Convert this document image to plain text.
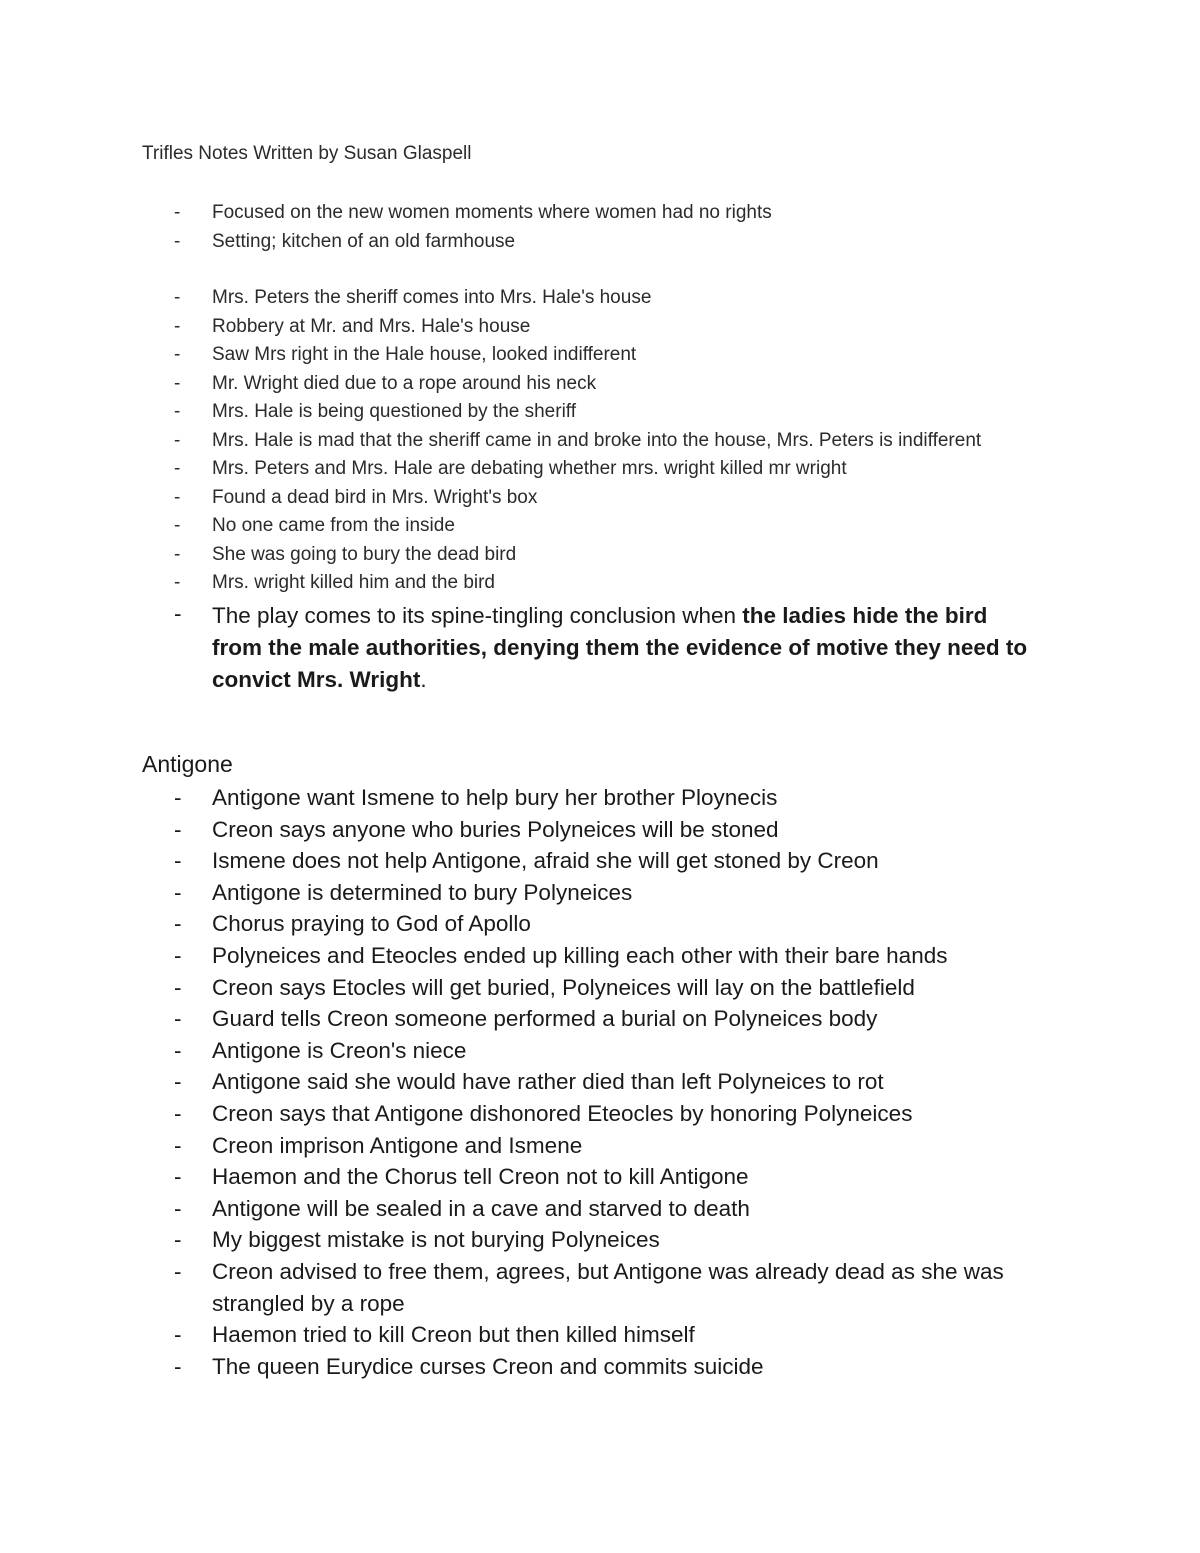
Trifles Notes Written by Susan Glaspell
- Focused on the new women moments where women had no rights
- Setting; kitchen of an old farmhouse
- Mrs. Peters the sheriff comes into Mrs. Hale's house
- Robbery at Mr. and Mrs. Hale's house
- Saw Mrs right in the Hale house, looked indifferent
- Mr. Wright died due to a rope around his neck
- Mrs. Hale is being questioned by the sheriff
- Mrs. Hale is mad that the sheriff came in and broke into the house, Mrs. Peters is indifferent
- Mrs. Peters and Mrs. Hale are debating whether mrs. wright killed mr wright
- Found a dead bird in Mrs. Wright's box
- No one came from the inside
- She was going to bury the dead bird
- Mrs. wright killed him and the bird
- The play comes to its spine-tingling conclusion when the ladies hide the bird from the male authorities, denying them the evidence of motive they need to convict Mrs. Wright.
Antigone
- Antigone want Ismene to help bury her brother Ploynecis
- Creon says anyone who buries Polyneices will be stoned
- Ismene does not help Antigone, afraid she will get stoned by Creon
- Antigone is determined to bury Polyneices
- Chorus praying to God of Apollo
- Polyneices and Eteocles ended up killing each other with their bare hands
- Creon says Etocles will get buried, Polyneices will lay on the battlefield
- Guard tells Creon someone performed a burial on Polyneices body
- Antigone is Creon's niece
- Antigone said she would have rather died than left Polyneices to rot
- Creon says that Antigone dishonored Eteocles by honoring Polyneices
- Creon imprison Antigone and Ismene
- Haemon and the Chorus tell Creon not to kill Antigone
- Antigone will be sealed in a cave and starved to death
- My biggest mistake is not burying Polyneices
- Creon advised to free them, agrees, but Antigone was already dead as she was strangled by a rope
- Haemon tried to kill Creon but then killed himself
- The queen Eurydice curses Creon and commits suicide
